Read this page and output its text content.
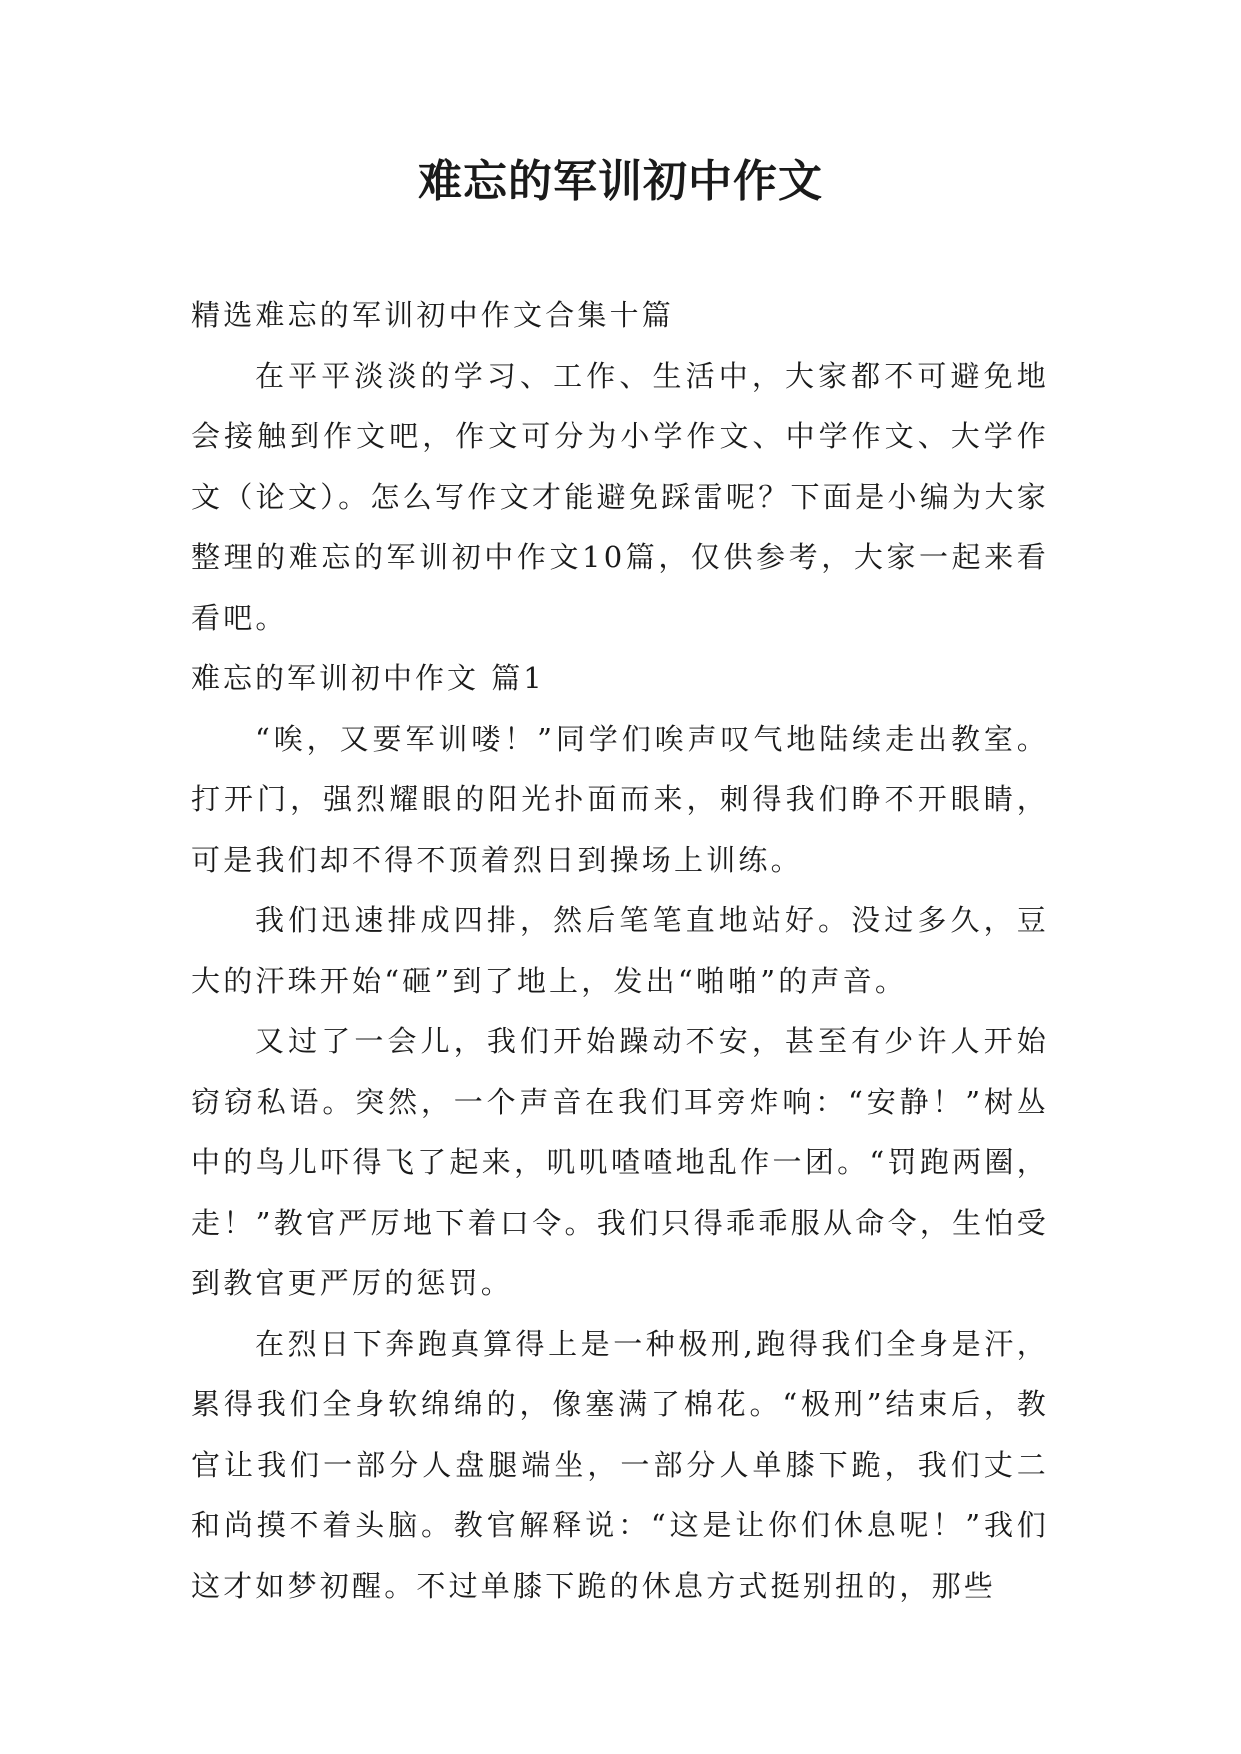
难忘的军训初中作文

精选难忘的军训初中作文合集十篇

在平平淡淡的学习、工作、生活中，大家都不可避免地会接触到作文吧，作文可分为小学作文、中学作文、大学作文（论文）。怎么写作文才能避免踩雷呢？下面是小编为大家整理的难忘的军训初中作文10篇，仅供参考，大家一起来看看吧。

难忘的军训初中作文 篇1

“唉，又要军训喽！”同学们唉声叹气地陆续走出教室。打开门，强烈耀眼的阳光扑面而来，刺得我们睁不开眼睛，可是我们却不得不顶着烈日到操场上训练。

我们迅速排成四排，然后笔笔直地站好。没过多久，豆大的汗珠开始“砸”到了地上，发出“啪啪”的声音。

又过了一会儿，我们开始躁动不安，甚至有少许人开始窃窃私语。突然，一个声音在我们耳旁炸响：“安静！”树丛中的鸟儿吓得飞了起来，叽叽喳喳地乱作一团。“罚跑两圈，走！”教官严厉地下着口令。我们只得乖乖服从命令，生怕受到教官更严厉的惩罚。

在烈日下奔跑真算得上是一种极刑,跑得我们全身是汗，累得我们全身软绵绵的，像塞满了棉花。“极刑”结束后，教官让我们一部分人盘腿端坐，一部分人单膝下跪，我们丈二和尚摸不着头脑。教官解释说：“这是让你们休息呢！”我们这才如梦初醒。不过单膝下跪的休息方式挺别扭的，那些
